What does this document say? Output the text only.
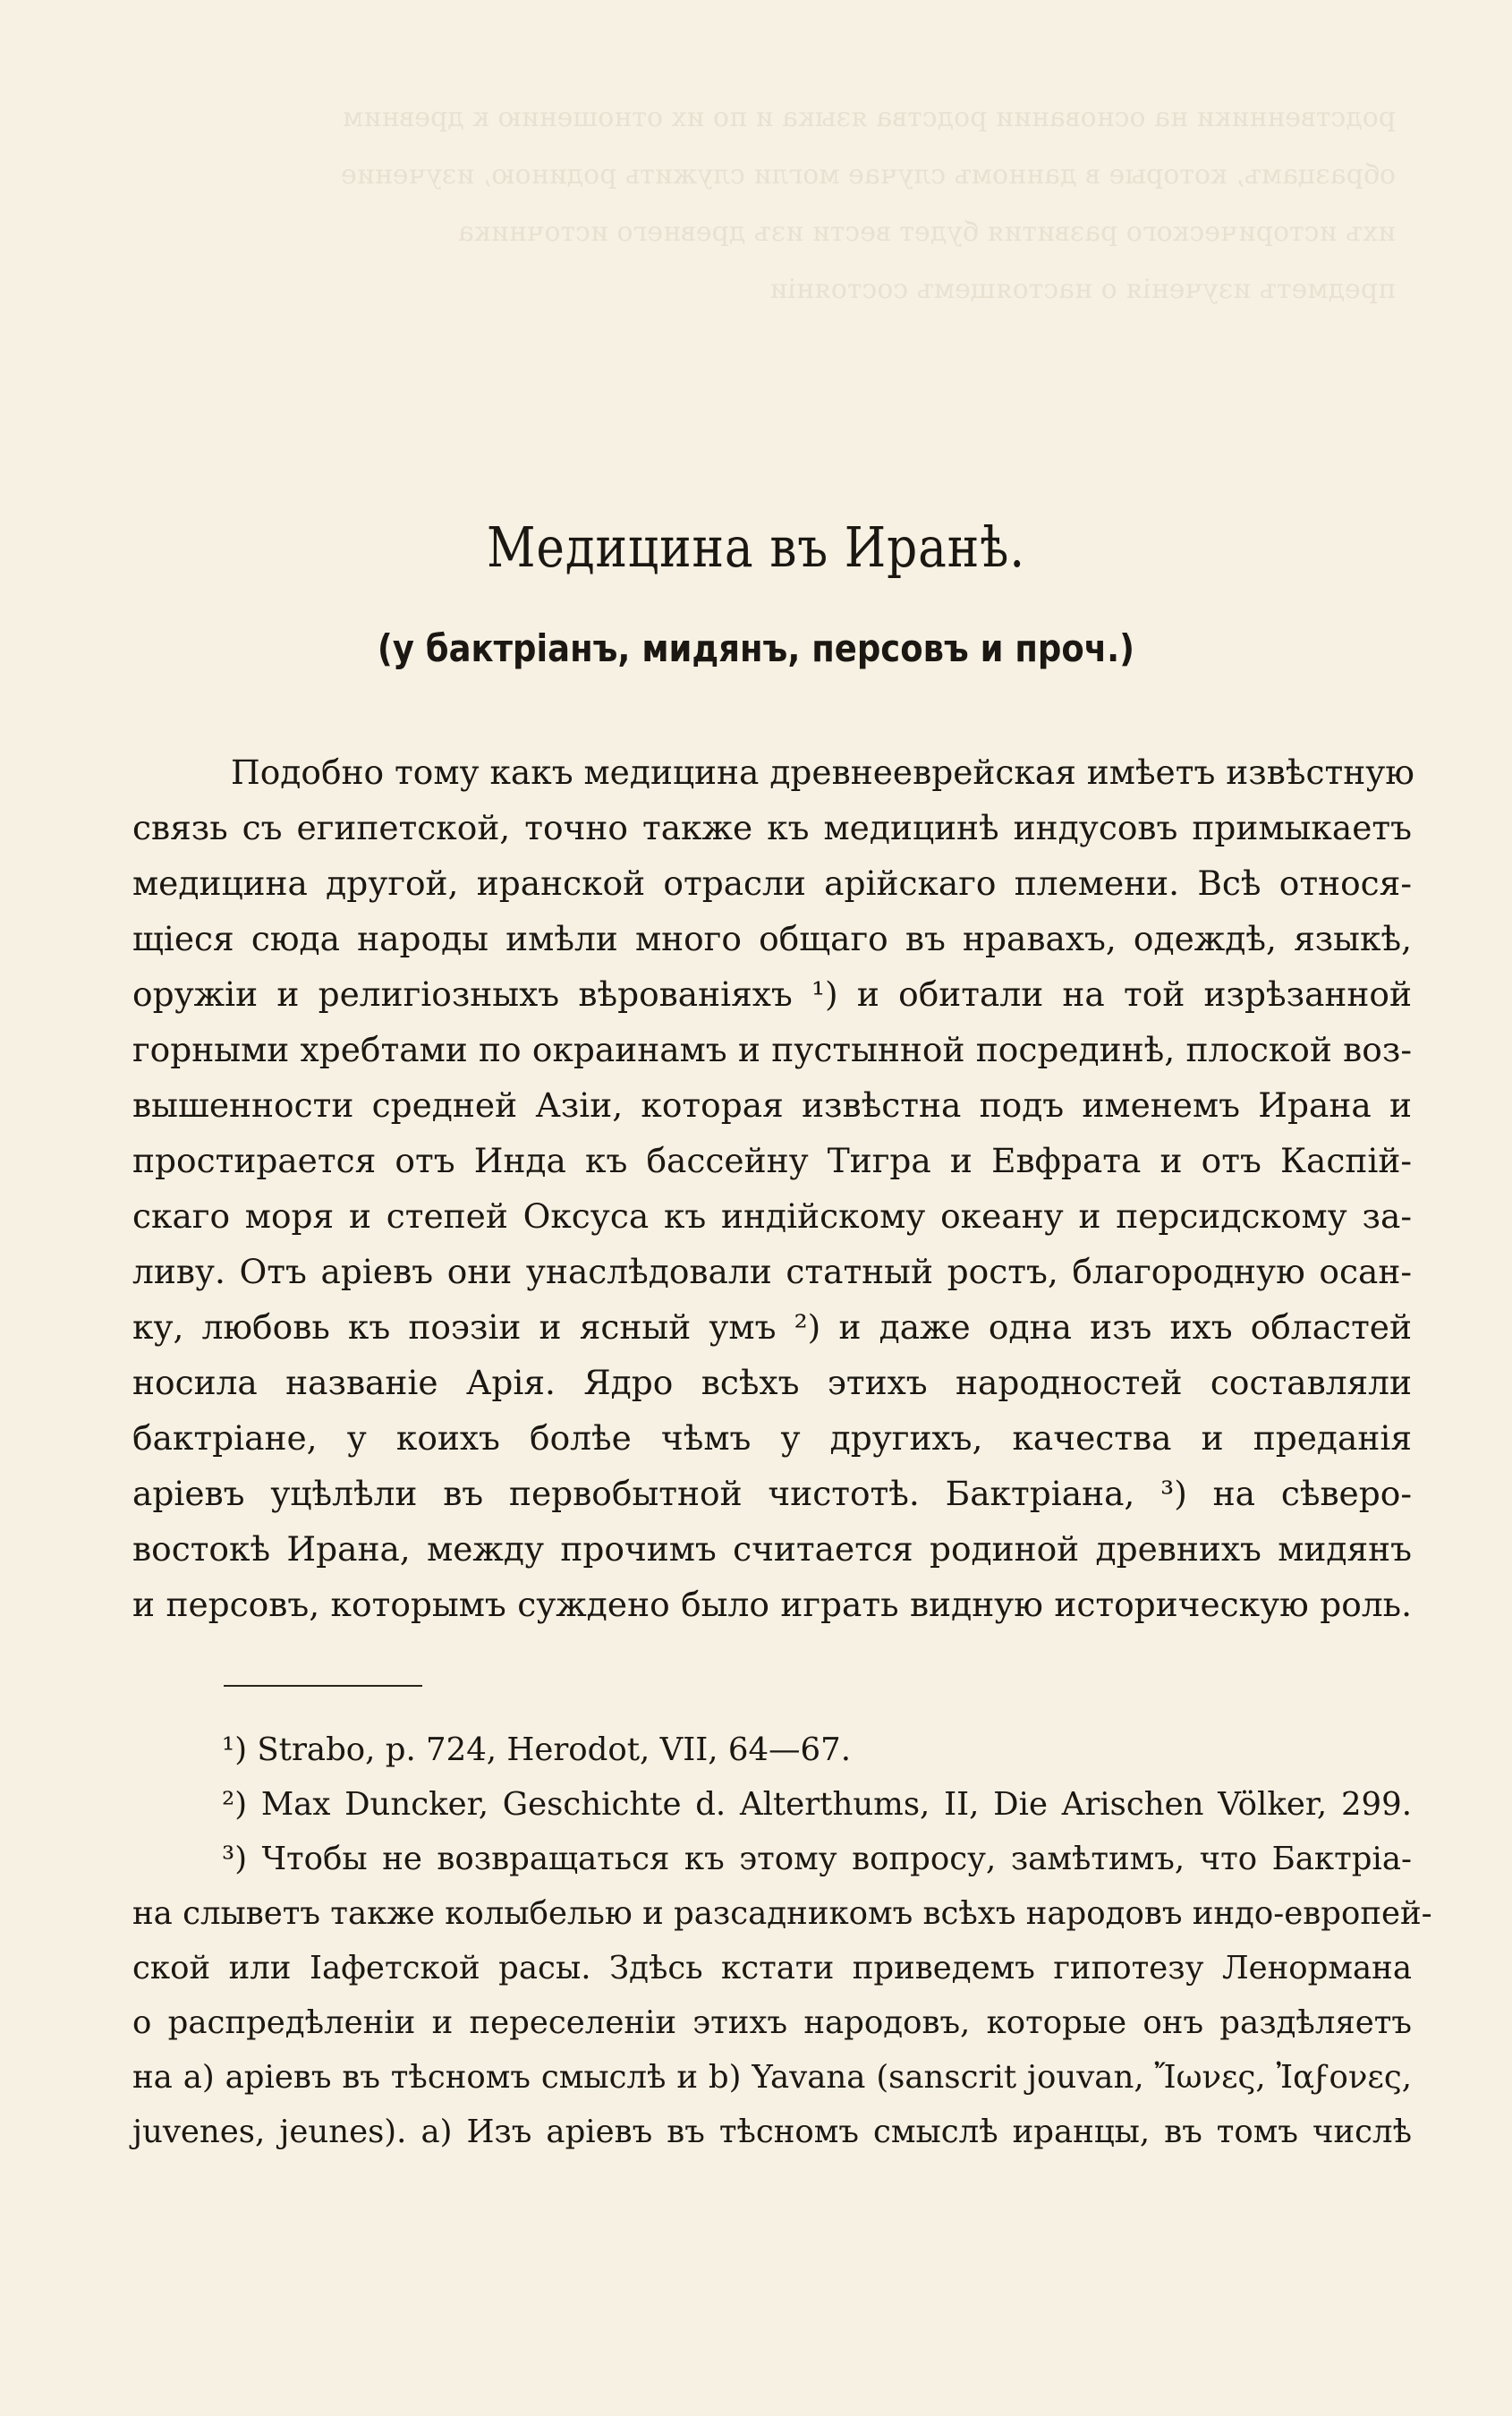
родственники на основании родства языка и по их отношению к древним
образцамъ, которые в данномъ случае могли служить родиною, изучение
ихъ исторического развития будет вести изъ древнего источника
предметъ изученія о настоящемъ состояніи
Медицина въ Иранѣ.
(у бактріанъ, мидянъ, персовъ и проч.)
Подобно тому какъ медицина древнееврейская имѣетъ извѣстную
связь съ египетской, точно также къ медицинѣ индусовъ примыкаетъ
медицина другой, иранской отрасли арійскаго племени. Всѣ относя-
щіеся сюда народы имѣли много общаго въ нравахъ, одеждѣ, языкѣ,
оружіи и религіозныхъ вѣрованіяхъ ¹) и обитали на той изрѣзанной
горными хребтами по окраинамъ и пустынной посрединѣ, плоской воз-
вышенности средней Азіи, которая извѣстна подъ именемъ Ирана и
простирается отъ Инда къ бассейну Тигра и Евфрата и отъ Каспій-
скаго моря и степей Оксуса къ индійскому океану и персидскому за-
ливу. Отъ аріевъ они унаслѣдовали статный ростъ, благородную осан-
ку, любовь къ поэзіи и ясный умъ ²) и даже одна изъ ихъ областей
носила названіе Арія. Ядро всѣхъ этихъ народностей составляли
бактріане, у коихъ болѣе чѣмъ у другихъ, качества и преданія
аріевъ уцѣлѣли въ первобытной чистотѣ. Бактріана, ³) на сѣверо-
востокѣ Ирана, между прочимъ считается родиной древнихъ мидянъ
и персовъ, которымъ суждено было играть видную историческую роль.
¹) Strabo, p. 724, Herodot, VII, 64—67.
²) Max Duncker, Geschichte d. Alterthums, II, Die Arischen Völker, 299.
³) Чтобы не возвращаться къ этому вопросу, замѣтимъ, что Бактріа-
на слыветъ также колыбелью и разсадникомъ всѣхъ народовъ индо-европей-
ской или Іафетской расы. Здѣсь кстати приведемъ гипотезу Ленормана
о распредѣленіи и переселеніи этихъ народовъ, которые онъ раздѣляетъ
на а) аріевъ въ тѣсномъ смыслѣ и b) Yavana (sanscrit jouvan, Ἴωνες, Ἰαϝονες,
juvenes, jeunes). a) Изъ аріевъ въ тѣсномъ смыслѣ иранцы, въ томъ числѣ
